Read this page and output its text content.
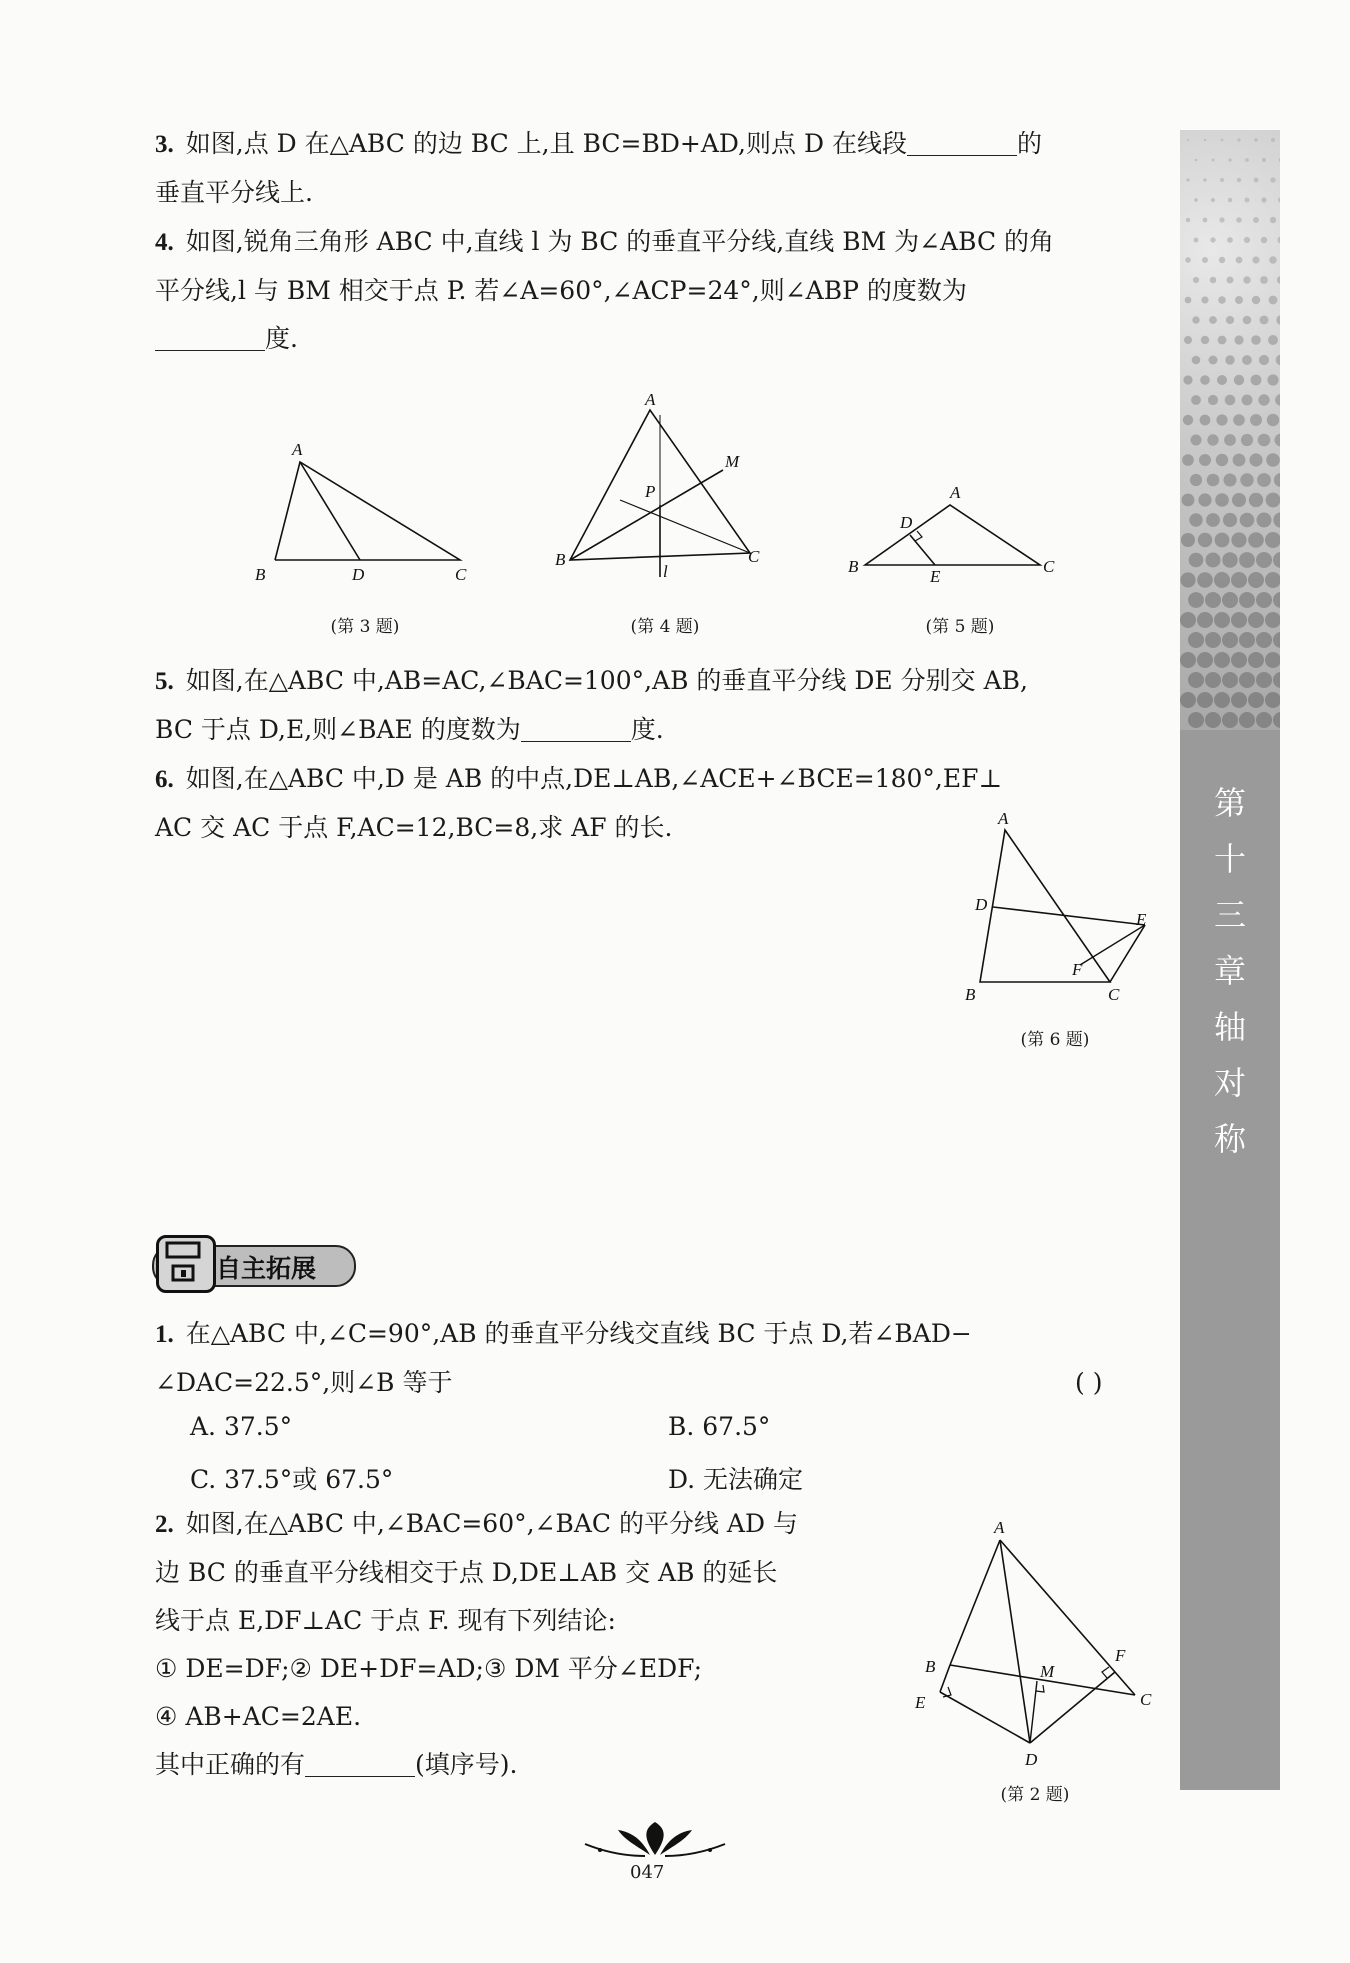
第
十
三
章
轴
对
称
3. 如图,点 D 在△ABC 的边 BC 上,且 BC=BD+AD,则点 D 在线段	的
垂直平分线上.
4. 如图,锐角三角形 ABC 中,直线 l 为 BC 的垂直平分线,直线 BM 为∠ABC 的角
平分线,l 与 BM 相交于点 P. 若∠A=60°,∠ACP=24°,则∠ABP 的度数为
度.
A
B	D	C
(第 3 题)
A
M
P
B	C
l
(第 4 题)
A
D
B
E
C
(第 5 题)
5. 如图,在△ABC 中,AB=AC,∠BAC=100°,AB 的垂直平分线 DE 分别交 AB,
BC 于点 D,E,则∠BAE 的度数为	度.
6. 如图,在△ABC 中,D 是 AB 的中点,DE⊥AB,∠ACE+∠BCE=180°,EF⊥
AC 交 AC 于点 F,AC=12,BC=8,求 AF 的长.	A
D
E
F
B	C
(第 6 题)
自主拓展
1. 在△ABC 中,∠C=90°,AB 的垂直平分线交直线 BC 于点 D,若∠BAD−
∠DAC=22.5°,则∠B 等于	( )
A. 37.5°	B. 67.5°
C. 37.5°或 67.5°	D. 无法确定
2. 如图,在△ABC 中,∠BAC=60°,∠BAC 的平分线 AD 与
边 BC 的垂直平分线相交于点 D,DE⊥AB 交 AB 的延长
线于点 E,DF⊥AC 于点 F. 现有下列结论:
① DE=DF;② DE+DF=AD;③ DM 平分∠EDF;
④ AB+AC=2AE.
其中正确的有	(填序号).
A
B	M
F
C
E
D
(第 2 题)
047
